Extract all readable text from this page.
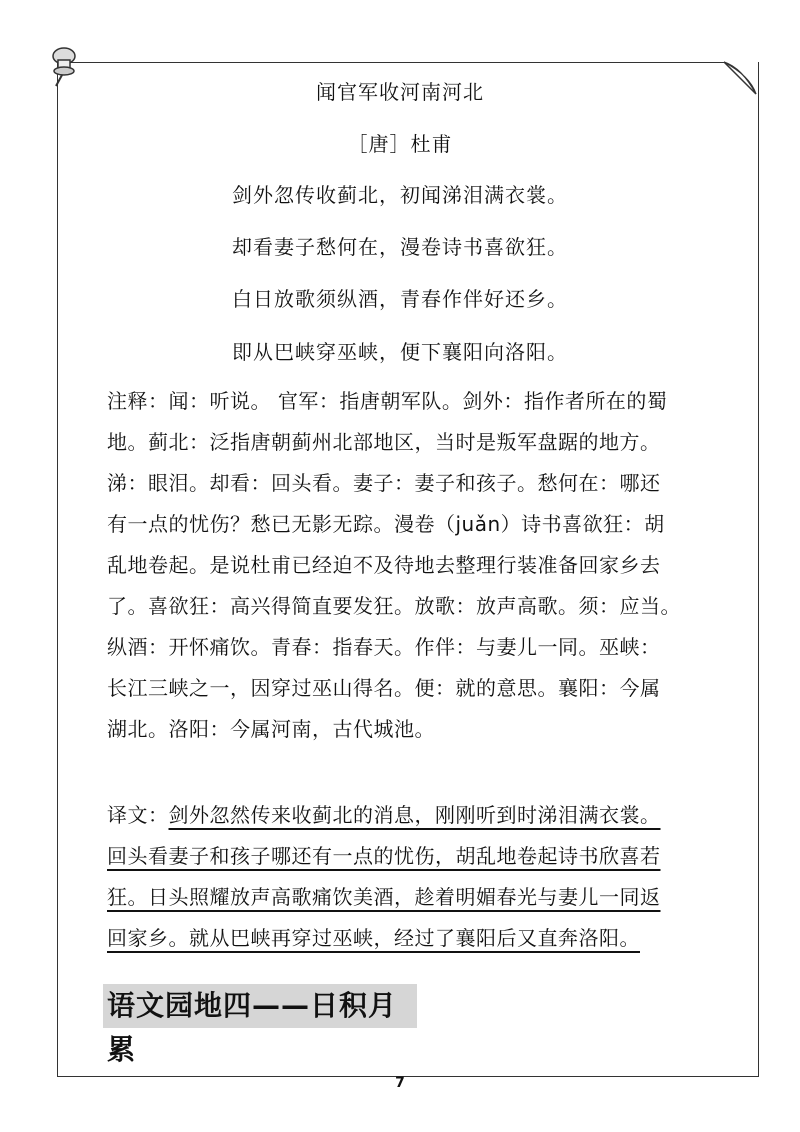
闻官军收河南河北
［唐］杜甫
剑外忽传收蓟北，初闻涕泪满衣裳。
却看妻子愁何在，漫卷诗书喜欲狂。
白日放歌须纵酒，青春作伴好还乡。
即从巴峡穿巫峡，便下襄阳向洛阳。
注释：闻：听说。 官军：指唐朝军队。剑外：指作者所在的蜀
地。蓟北：泛指唐朝蓟州北部地区，当时是叛军盘踞的地方。
涕：眼泪。却看：回头看。妻子：妻子和孩子。愁何在：哪还
有一点的忧伤？愁已无影无踪。漫卷（juǎn）诗书喜欲狂：胡
乱地卷起。是说杜甫已经迫不及待地去整理行装准备回家乡去
了。喜欲狂：高兴得简直要发狂。放歌：放声高歌。须：应当。
纵酒：开怀痛饮。青春：指春天。作伴：与妻儿一同。巫峡：
长江三峡之一，因穿过巫山得名。便：就的意思。襄阳：今属
湖北。洛阳：今属河南，古代城池。
译文：剑外忽然传来收蓟北的消息，刚刚听到时涕泪满衣裳。
回头看妻子和孩子哪还有一点的忧伤，胡乱地卷起诗书欣喜若
狂。日头照耀放声高歌痛饮美酒，趁着明媚春光与妻儿一同返
回家乡。就从巴峡再穿过巫峡，经过了襄阳后又直奔洛阳。
语文园地四——日积月累
7
